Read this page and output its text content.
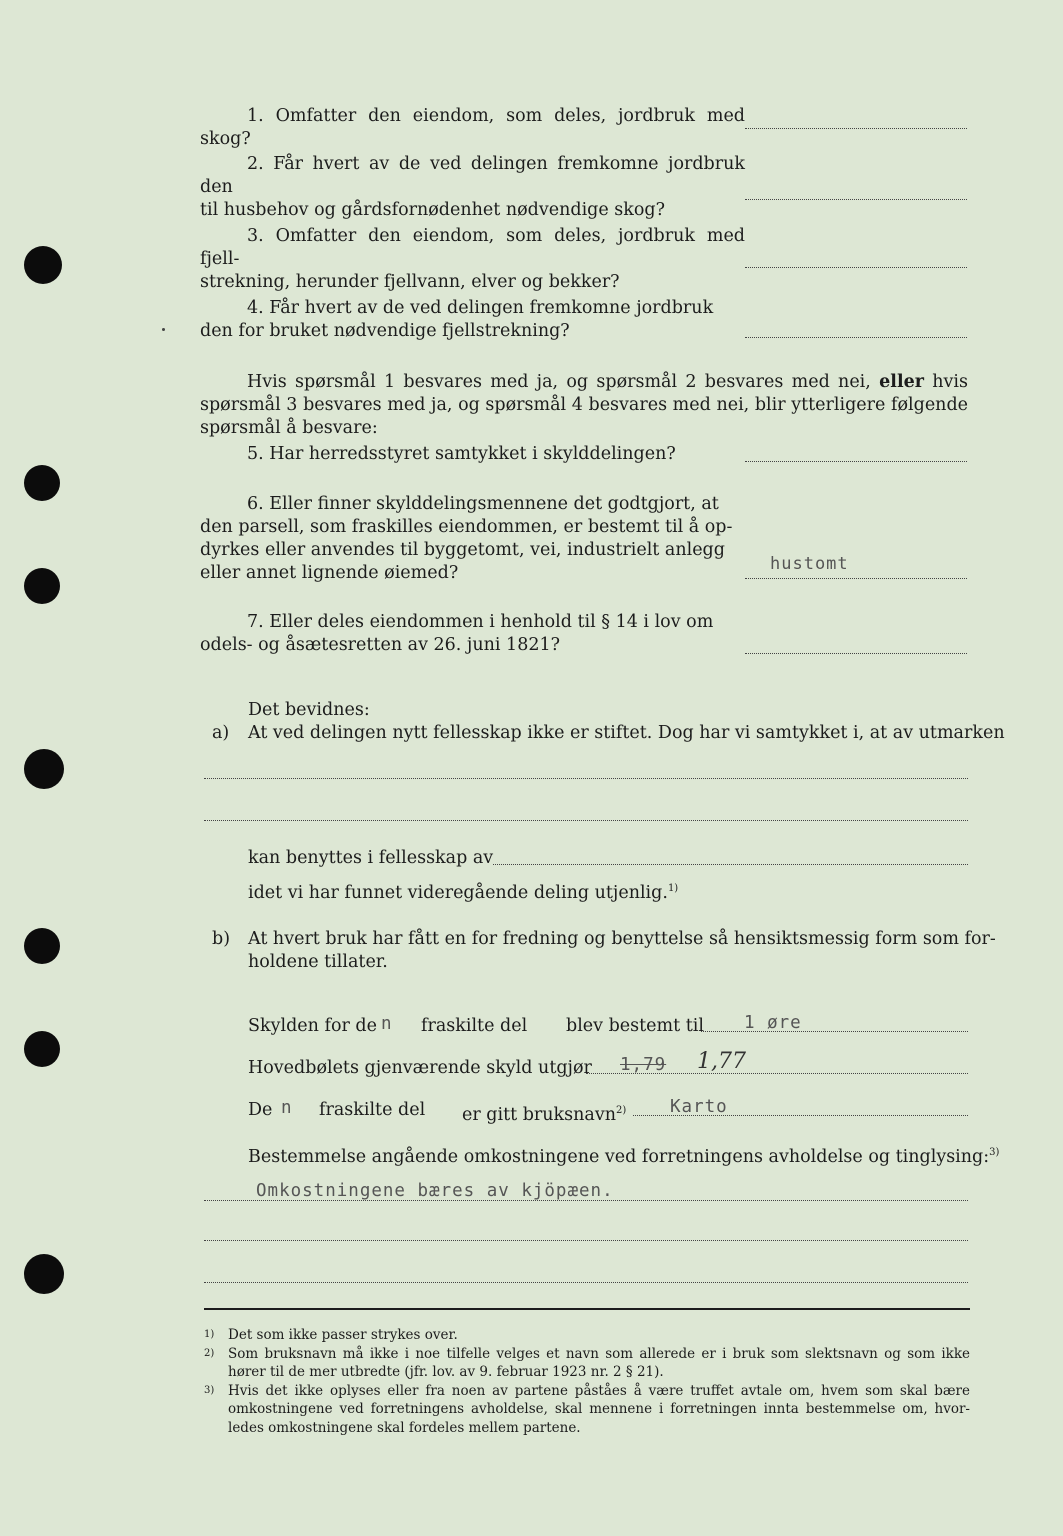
1. Omfatter den eiendom, som deles, jordbruk med skog?

2. Får hvert av de ved delingen fremkomne jordbruk den

til husbehov og gårdsfornødenhet nødvendige skog?

3. Omfatter den eiendom, som deles, jordbruk med fjell-

strekning, herunder fjellvann, elver og bekker?

4. Får hvert av de ved delingen fremkomne jordbruk

den for bruket nødvendige fjellstrekning?

Hvis spørsmål 1 besvares med ja, og spørsmål 2 besvares med nei, eller hvis spørsmål 3 besvares med ja, og spørsmål 4 besvares med nei, blir ytterligere følgende spørsmål å besvare:

5. Har herredsstyret samtykket i skylddelingen?

6. Eller finner skylddelingsmennene det godtgjort, at

den parsell, som fraskilles eiendommen, er bestemt til å op-

dyrkes eller anvendes til byggetomt, vei, industrielt anlegg

eller annet lignende øiemed?	hustomt

7. Eller deles eiendommen i henhold til § 14 i lov om

odels- og åsætesretten av 26. juni 1821?

Det bevidnes:
a) At ved delingen nytt fellesskap ikke er stiftet. Dog har vi samtykket i, at av utmarken
kan benyttes i fellesskap av
idet vi har funnet videregående deling utjenlig.$^{1)}$
b) At hvert bruk har fått en for fredning og benyttelse så hensiktsmessig form som for-
holdene tillater.
Skylden for de n fraskilte del blev bestemt til 1 øre
Hovedbølets gjenværende skyld utgjør 1,79 1,77
De n fraskilte del er gitt bruksnavn$^{2)}$ Karto
Bestemmelse angående omkostningene ved forretningens avholdelse og tinglysing:$^{3)}$
Omkostningene bæres av kjöpæen.
1) Det som ikke passer strykes over.
2) Som bruksnavn må ikke i noe tilfelle velges et navn som allerede er i bruk som slektsnavn og som ikke hører til de mer utbredte (jfr. lov. av 9. februar 1923 nr. 2 § 21).
3) Hvis det ikke oplyses eller fra noen av partene påståes å være truffet avtale om, hvem som skal bære omkostningene ved forretningens avholdelse, skal mennene i forretningen innta bestemmelse om, hvor-ledes omkostningene skal fordeles mellem partene.
